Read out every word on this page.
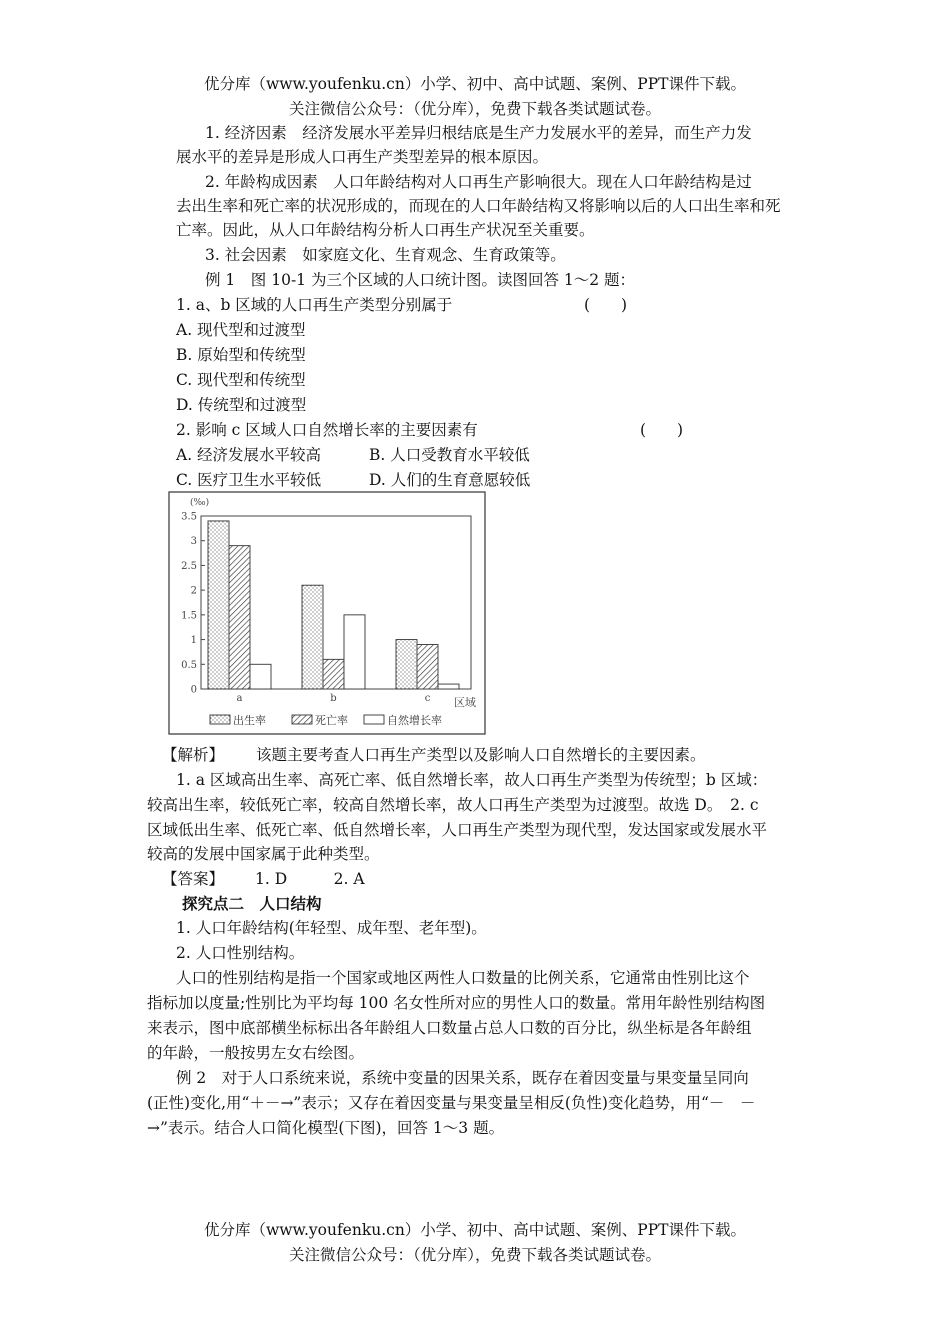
优分库（www.youfenku.cn）小学、初中、高中试题、案例、PPT课件下载。
关注微信公众号：（优分库），免费下载各类试题试卷。
1. 经济因素　经济发展水平差异归根结底是生产力发展水平的差异，而生产力发
展水平的差异是形成人口再生产类型差异的根本原因。
2. 年龄构成因素　人口年龄结构对人口再生产影响很大。现在人口年龄结构是过
去出生率和死亡率的状况形成的，而现在的人口年龄结构又将影响以后的人口出生率和死
亡率。因此，从人口年龄结构分析人口再生产状况至关重要。
3. 社会因素　如家庭文化、生育观念、生育政策等。
例 1　图 10-1 为三个区域的人口统计图。读图回答 1～2 题：
1. a、b 区域的人口再生产类型分别属于	(　　)
A. 现代型和过渡型
B. 原始型和传统型
C. 现代型和传统型
D. 传统型和过渡型
2. 影响 c 区域人口自然增长率的主要因素有	(　　)
A. 经济发展水平较高	B. 人口受教育水平较低
C. 医疗卫生水平较低	D. 人们的生育意愿较低
(‰)
0
0.5
1
1.5
2
2.5
3
3.5
a	b	c 区域
出生率	死亡率	自然增长率
【解析】 该题主要考查人口再生产类型以及影响人口自然增长的主要因素。
1. a 区域高出生率、高死亡率、低自然增长率，故人口再生产类型为传统型；b 区域：
较高出生率，较低死亡率，较高自然增长率，故人口再生产类型为过渡型。故选 D。　2. c
区域低出生率、低死亡率、低自然增长率，人口再生产类型为现代型，发达国家或发展水平
较高的发展中国家属于此种类型。
【答案】 1. D　　　2. A
探究点二　人口结构
1. 人口年龄结构(年轻型、成年型、老年型)。
2. 人口性别结构。
人口的性别结构是指一个国家或地区两性人口数量的比例关系，它通常由性别比这个
指标加以度量;性别比为平均每 100 名女性所对应的男性人口的数量。常用年龄性别结构图
来表示，图中底部横坐标标出各年龄组人口数量占总人口数的百分比，纵坐标是各年龄组
的年龄，一般按男左女右绘图。
例 2　对于人口系统来说，系统中变量的因果关系，既存在着因变量与果变量呈同向
(正性)变化,用“＋－→”表示；又存在着因变量与果变量呈相反(负性)变化趋势，用“－　－
→”表示。结合人口简化模型(下图)，回答 1～3 题。
优分库（www.youfenku.cn）小学、初中、高中试题、案例、PPT课件下载。
关注微信公众号：（优分库），免费下载各类试题试卷。
